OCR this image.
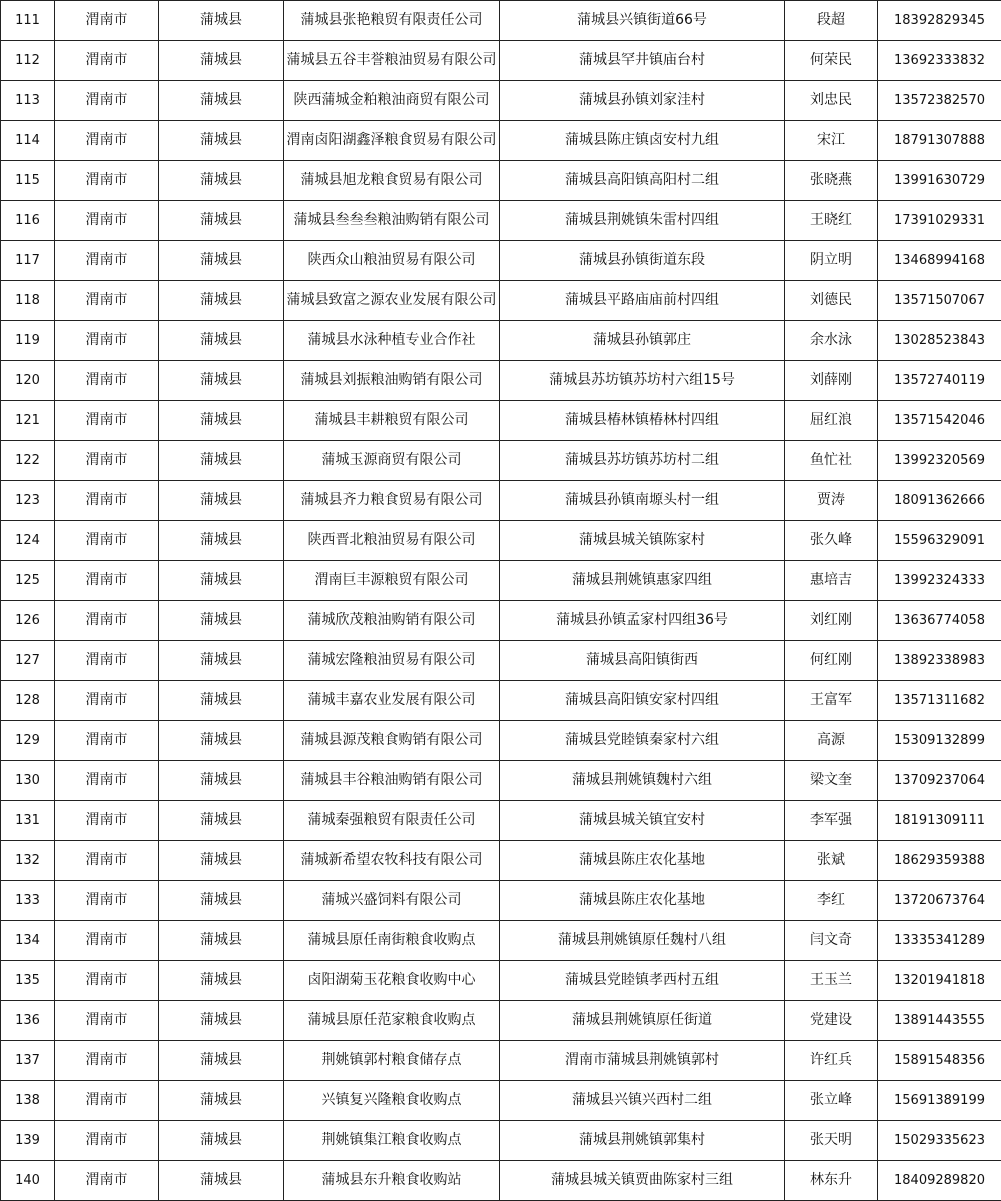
111	渭南市	蒲城县	蒲城县张艳粮贸有限责任公司	蒲城县兴镇街道66号	段超	18392829345
112	渭南市	蒲城县	蒲城县五谷丰誉粮油贸易有限公司	蒲城县罕井镇庙台村	何荣民	13692333832
113	渭南市	蒲城县	陕西蒲城金粕粮油商贸有限公司	蒲城县孙镇刘家洼村	刘忠民	13572382570
114	渭南市	蒲城县	渭南卤阳湖鑫泽粮食贸易有限公司	蒲城县陈庄镇卤安村九组	宋江	18791307888
115	渭南市	蒲城县	蒲城县旭龙粮食贸易有限公司	蒲城县高阳镇高阳村二组	张晓燕	13991630729
116	渭南市	蒲城县	蒲城县叁叁叁粮油购销有限公司	蒲城县荆姚镇朱雷村四组	王晓红	17391029331
117	渭南市	蒲城县	陕西众山粮油贸易有限公司	蒲城县孙镇街道东段	阴立明	13468994168
118	渭南市	蒲城县	蒲城县致富之源农业发展有限公司	蒲城县平路庙庙前村四组	刘德民	13571507067
119	渭南市	蒲城县	蒲城县水泳种植专业合作社	蒲城县孙镇郭庄	余水泳	13028523843
120	渭南市	蒲城县	蒲城县刘振粮油购销有限公司	蒲城县苏坊镇苏坊村六组15号	刘薛刚	13572740119
121	渭南市	蒲城县	蒲城县丰耕粮贸有限公司	蒲城县椿林镇椿林村四组	屈红浪	13571542046
122	渭南市	蒲城县	蒲城玉源商贸有限公司	蒲城县苏坊镇苏坊村二组	鱼忙社	13992320569
123	渭南市	蒲城县	蒲城县齐力粮食贸易有限公司	蒲城县孙镇南塬头村一组	贾涛	18091362666
124	渭南市	蒲城县	陕西晋北粮油贸易有限公司	蒲城县城关镇陈家村	张久峰	15596329091
125	渭南市	蒲城县	渭南巨丰源粮贸有限公司	蒲城县荆姚镇惠家四组	惠培吉	13992324333
126	渭南市	蒲城县	蒲城欣茂粮油购销有限公司	蒲城县孙镇孟家村四组36号	刘红刚	13636774058
127	渭南市	蒲城县	蒲城宏隆粮油贸易有限公司	蒲城县高阳镇街西	何红刚	13892338983
128	渭南市	蒲城县	蒲城丰嘉农业发展有限公司	蒲城县高阳镇安家村四组	王富军	13571311682
129	渭南市	蒲城县	蒲城县源茂粮食购销有限公司	蒲城县党睦镇秦家村六组	高源	15309132899
130	渭南市	蒲城县	蒲城县丰谷粮油购销有限公司	蒲城县荆姚镇魏村六组	梁文奎	13709237064
131	渭南市	蒲城县	蒲城秦强粮贸有限责任公司	蒲城县城关镇宜安村	李军强	18191309111
132	渭南市	蒲城县	蒲城新希望农牧科技有限公司	蒲城县陈庄农化基地	张斌	18629359388
133	渭南市	蒲城县	蒲城兴盛饲料有限公司	蒲城县陈庄农化基地	李红	13720673764
134	渭南市	蒲城县	蒲城县原任南街粮食收购点	蒲城县荆姚镇原任魏村八组	闫文奇	13335341289
135	渭南市	蒲城县	卤阳湖菊玉花粮食收购中心	蒲城县党睦镇孝西村五组	王玉兰	13201941818
136	渭南市	蒲城县	蒲城县原任范家粮食收购点	蒲城县荆姚镇原任街道	党建设	13891443555
137	渭南市	蒲城县	荆姚镇郭村粮食储存点	渭南市蒲城县荆姚镇郭村	许红兵	15891548356
138	渭南市	蒲城县	兴镇复兴隆粮食收购点	蒲城县兴镇兴西村二组	张立峰	15691389199
139	渭南市	蒲城县	荆姚镇集江粮食收购点	蒲城县荆姚镇郭集村	张天明	15029335623
140	渭南市	蒲城县	蒲城县东升粮食收购站	蒲城县城关镇贾曲陈家村三组	林东升	18409289820
